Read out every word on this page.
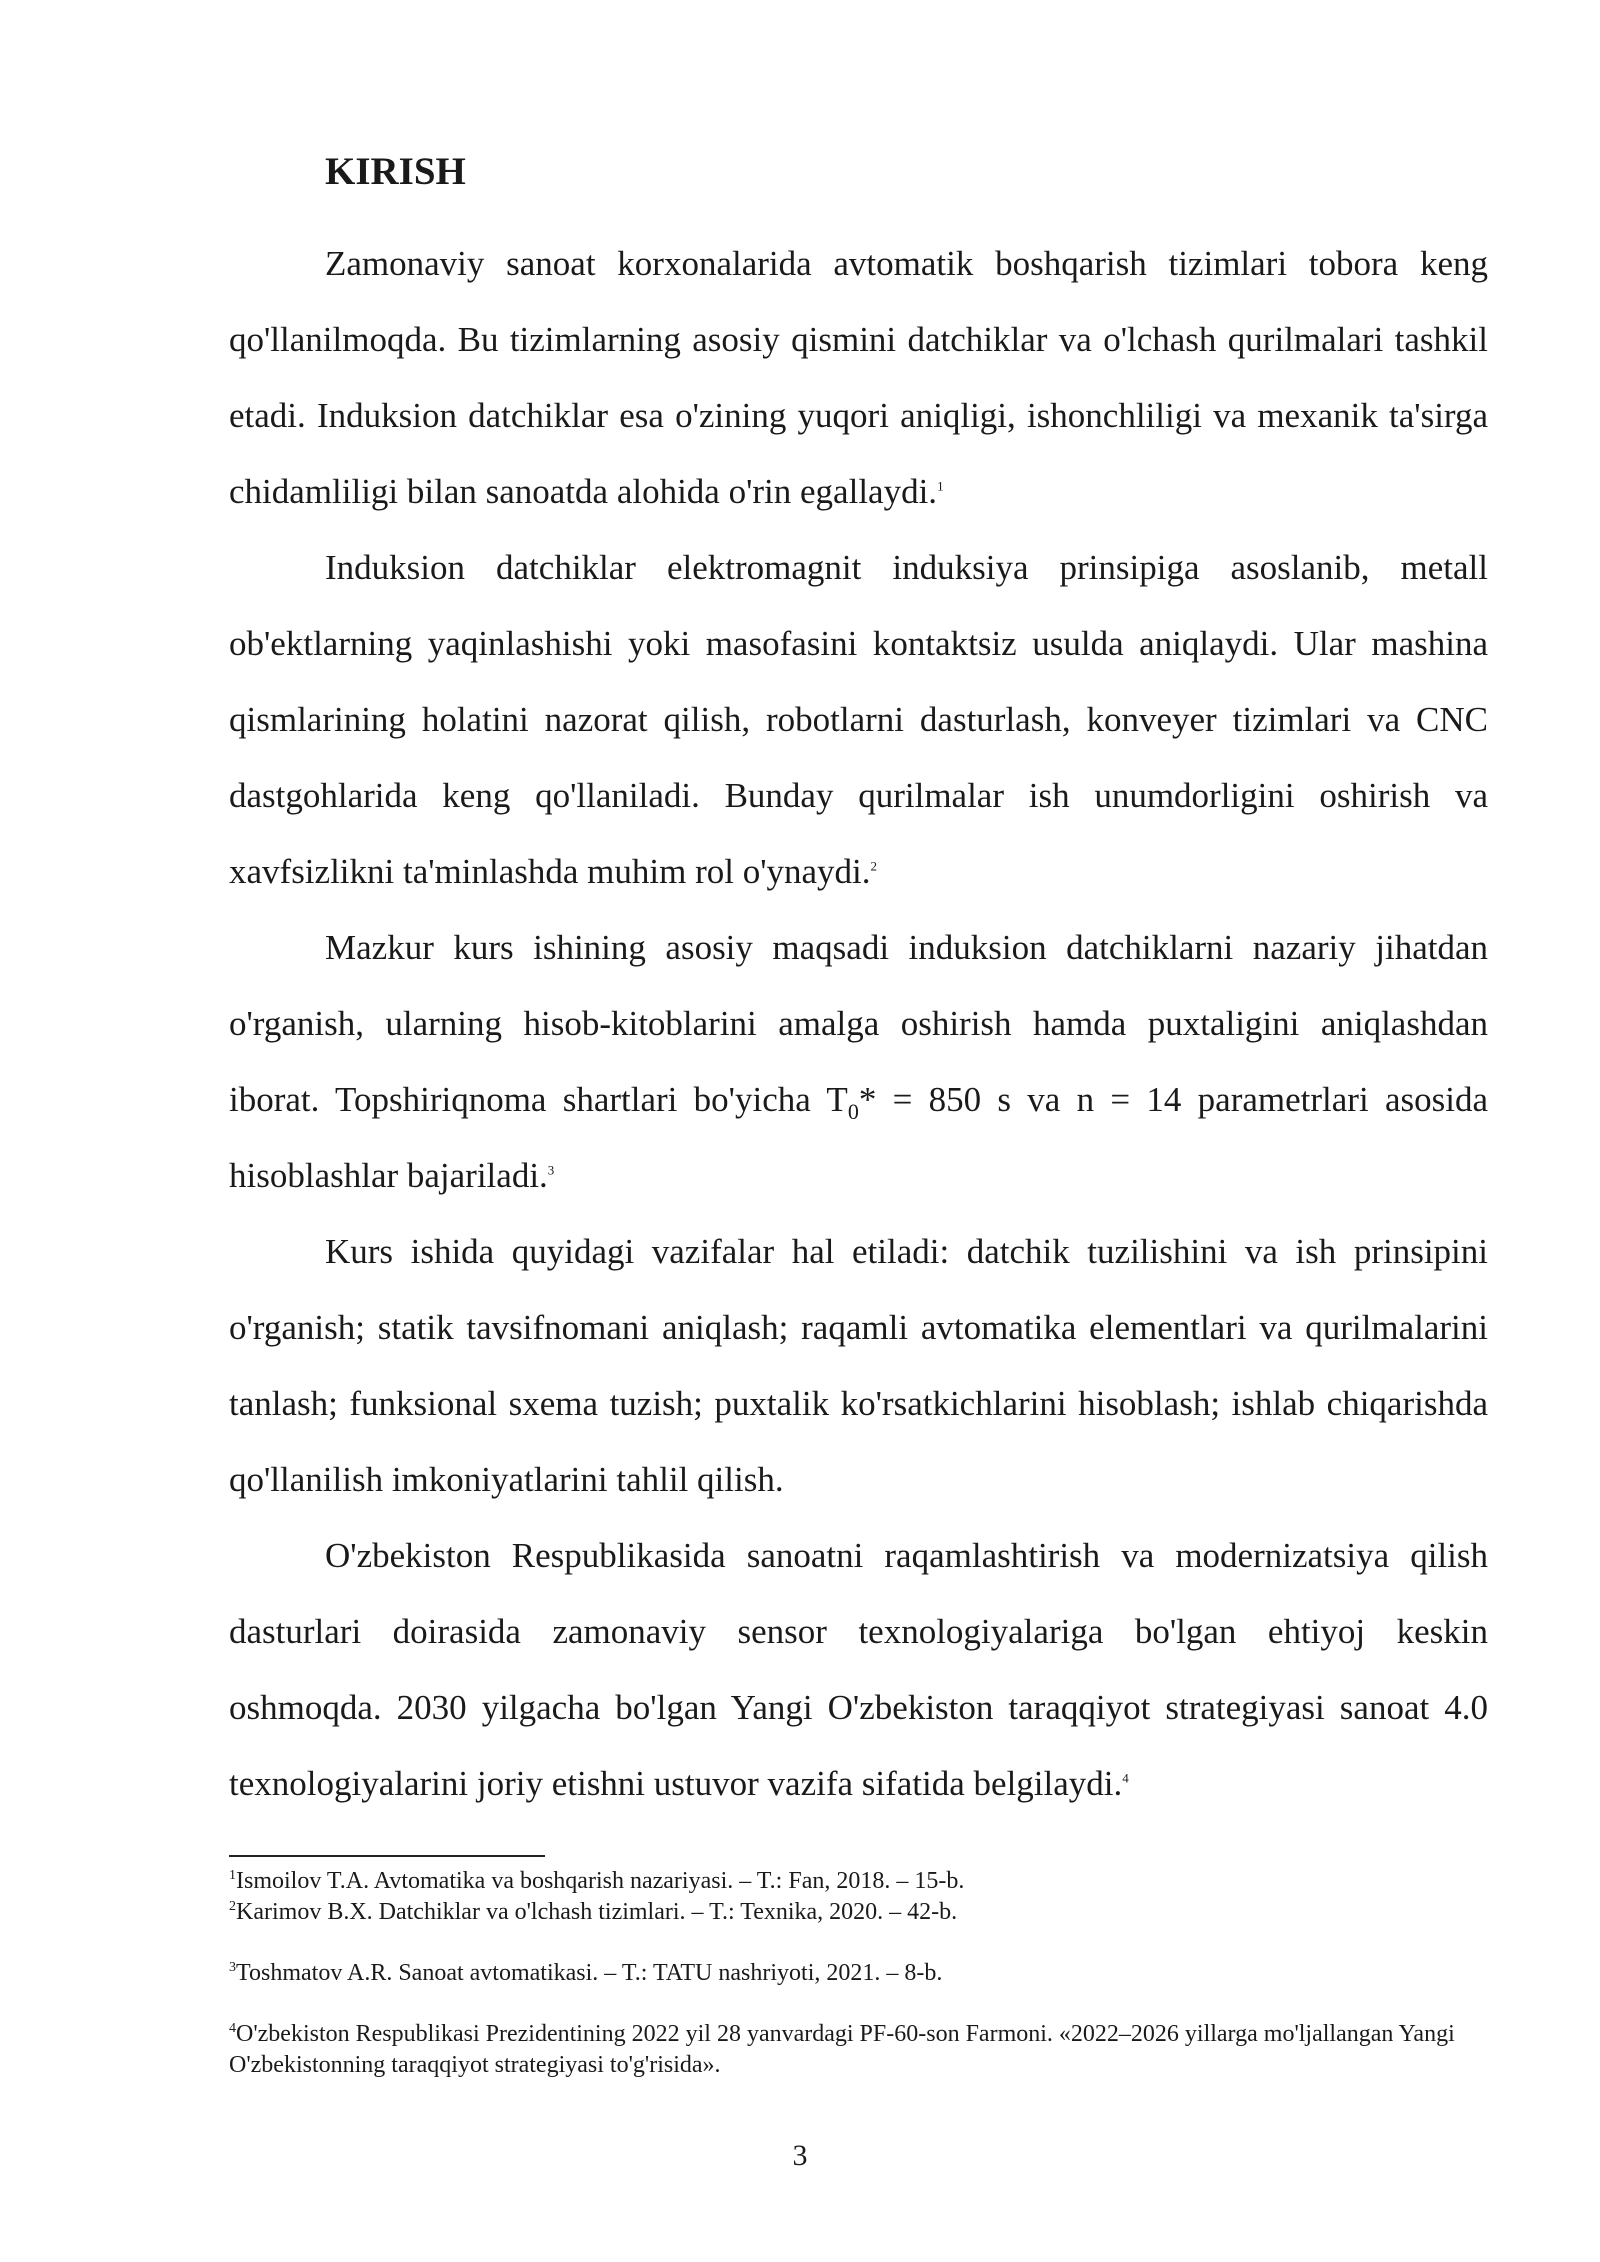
KIRISH

Zamonaviy sanoat korxonalarida avtomatik boshqarish tizimlari tobora keng qo'llanilmoqda. Bu tizimlarning asosiy qismini datchiklar va o'lchash qurilmalari tashkil etadi. Induksion datchiklar esa o'zining yuqori aniqligi, ishonchliligi va mexanik ta'sirga chidamliligi bilan sanoatda alohida o'rin egallaydi.$^1$

Induksion datchiklar elektromagnit induksiya prinsipiga asoslanib, metall ob'ektlarning yaqinlashishi yoki masofasini kontaktsiz usulda aniqlaydi. Ular mashina qismlarining holatini nazorat qilish, robotlarni dasturlash, konveyer tizimlari va CNC dastgohlarida keng qo'llaniladi. Bunday qurilmalar ish unumdorligini oshirish va xavfsizlikni ta'minlashda muhim rol o'ynaydi.$^2$

Mazkur kurs ishining asosiy maqsadi induksion datchiklarni nazariy jihatdan o'rganish, ularning hisob-kitoblarini amalga oshirish hamda puxtaligini aniqlashdan iborat. Topshiriqnoma shartlari bo'yicha $T_0* = 850$ s va n = 14 parametrlari asosida hisoblashlar bajariladi.$^3$

Kurs ishida quyidagi vazifalar hal etiladi: datchik tuzilishini va ish prinsipini o'rganish; statik tavsifnomani aniqlash; raqamli avtomatika elementlari va qurilmalarini tanlash; funksional sxema tuzish; puxtalik ko'rsatkichlarini hisoblash; ishlab chiqarishda qo'llanilish imkoniyatlarini tahlil qilish.

O'zbekiston Respublikasida sanoatni raqamlashtirish va modernizatsiya qilish dasturlari doirasida zamonaviy sensor texnologiyalariga bo'lgan ehtiyoj keskin oshmoqda. 2030 yilgacha bo'lgan Yangi O'zbekiston taraqqiyot strategiyasi sanoat 4.0 texnologiyalarini joriy etishni ustuvor vazifa sifatida belgilaydi.$^4$

$^1$Ismoilov T.A. Avtomatika va boshqarish nazariyasi. – T.: Fan, 2018. – 15-b.

$^2$Karimov B.X. Datchiklar va o'lchash tizimlari. – T.: Texnika, 2020. – 42-b.

$^3$Toshmatov A.R. Sanoat avtomatikasi. – T.: TATU nashriyoti, 2021. – 8-b.

$^4$O'zbekiston Respublikasi Prezidentining 2022 yil 28 yanvardagi PF-60-son Farmoni. «2022–2026 yillarga mo'ljallangan Yangi O'zbekistonning taraqqiyot strategiyasi to'g'risida».

3
